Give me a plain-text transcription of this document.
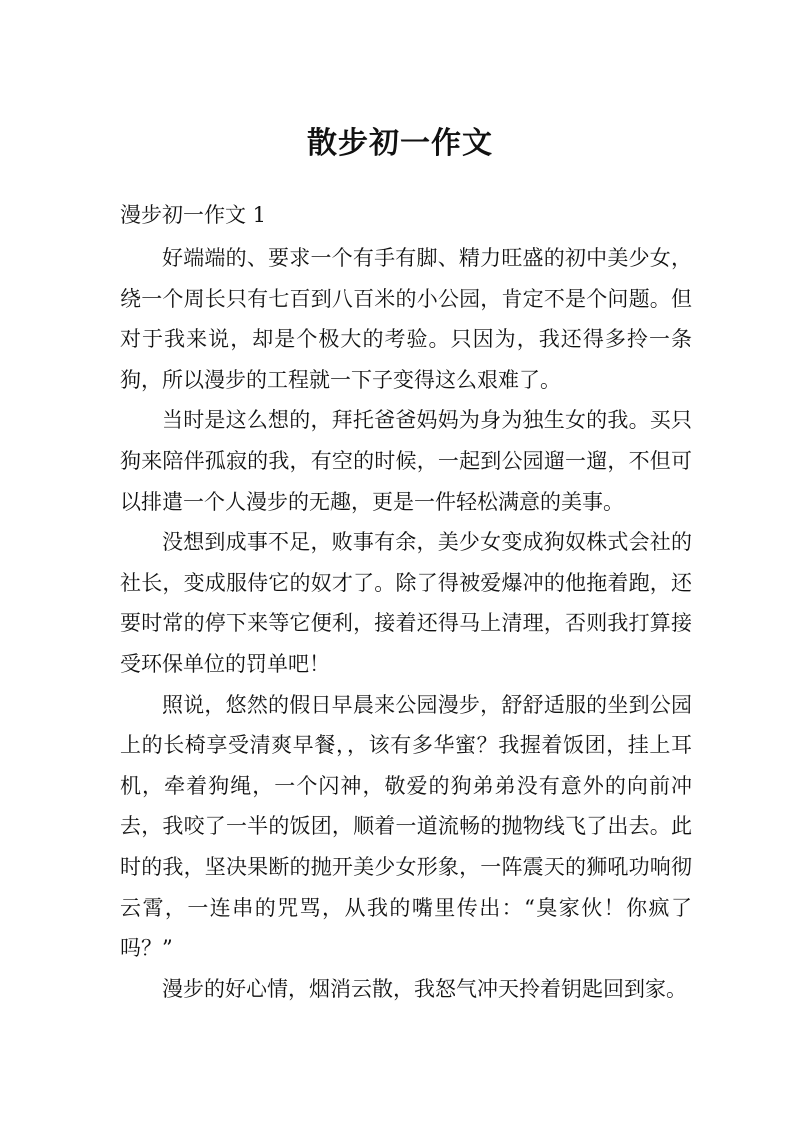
散步初一作文
漫步初一作文 1

好端端的、要求一个有手有脚、精力旺盛的初中美少女，绕一个周长只有七百到八百米的小公园，肯定不是个问题。但对于我来说，却是个极大的考验。只因为，我还得多拎一条狗，所以漫步的工程就一下子变得这么艰难了。

当时是这么想的，拜托爸爸妈妈为身为独生女的我。买只狗来陪伴孤寂的我，有空的时候，一起到公园遛一遛，不但可以排遣一个人漫步的无趣，更是一件轻松满意的美事。

没想到成事不足，败事有余，美少女变成狗奴株式会社的社长，变成服侍它的奴才了。除了得被爱爆冲的他拖着跑，还要时常的停下来等它便利，接着还得马上清理，否则我打算接受环保单位的罚单吧！

照说，悠然的假日早晨来公园漫步，舒舒适服的坐到公园上的长椅享受清爽早餐，，该有多华蜜？我握着饭团，挂上耳机，牵着狗绳，一个闪神，敬爱的狗弟弟没有意外的向前冲去，我咬了一半的饭团，顺着一道流畅的抛物线飞了出去。此时的我，坚决果断的抛开美少女形象，一阵震天的狮吼功响彻云霄，一连串的咒骂，从我的嘴里传出：“臭家伙！你疯了吗？”

漫步的好心情，烟消云散，我怒气冲天拎着钥匙回到家。
